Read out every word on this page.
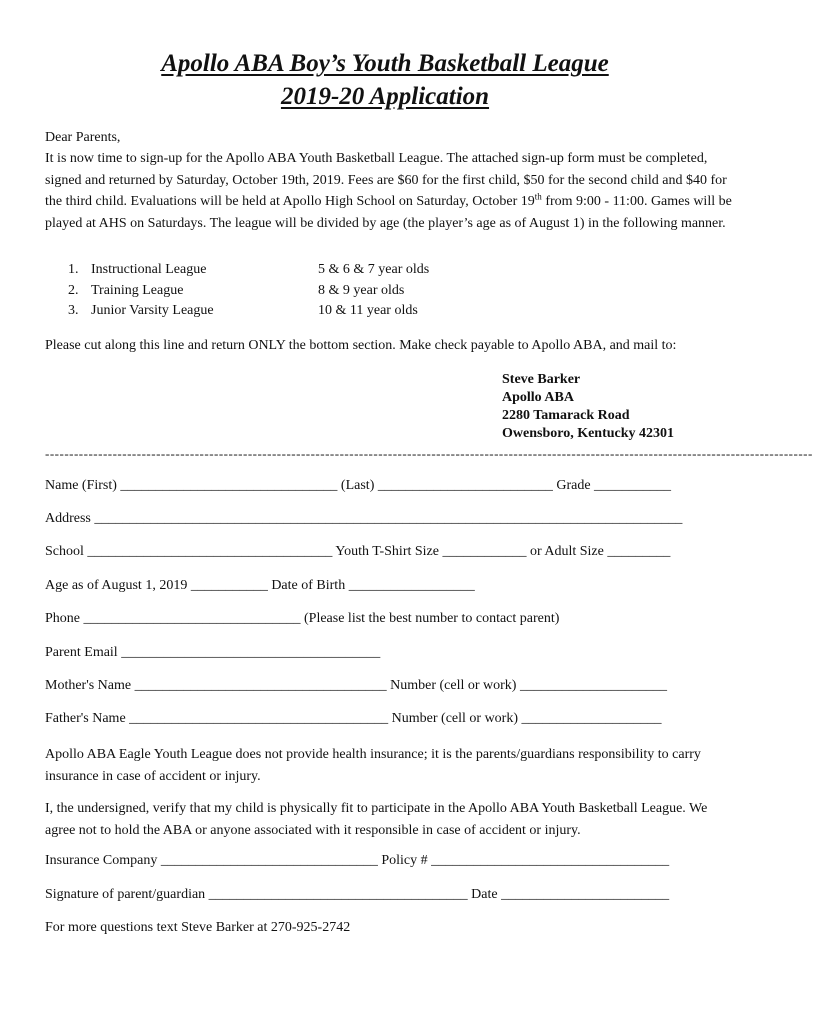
Apollo ABA Boy’s Youth Basketball League
2019-20 Application
Dear Parents,
It is now time to sign-up for the Apollo ABA Youth Basketball League. The attached sign-up form must be completed, signed and returned by Saturday, October 19th, 2019. Fees are $60 for the first child, $50 for the second child and $40 for the third child. Evaluations will be held at Apollo High School on Saturday, October 19th from 9:00 - 11:00. Games will be played at AHS on Saturdays. The league will be divided by age (the player’s age as of August 1) in the following manner.
1. Instructional League	5 & 6 & 7 year olds
2. Training League	8 & 9 year olds
3. Junior Varsity League	10 & 11 year olds
Please cut along this line and return ONLY the bottom section. Make check payable to Apollo ABA, and mail to:
Steve Barker
Apollo ABA
2280 Tamarack Road
Owensboro, Kentucky 42301
---------------------------------------------------------------------------------------------------------------------------------------------------------------
Name (First) _______________________________ (Last) _________________________ Grade ___________
Address ____________________________________________________________________________________
School ___________________________________ Youth T-Shirt Size ____________ or Adult Size _________
Age as of August 1, 2019 ___________ Date of Birth __________________
Phone _______________________________ (Please list the best number to contact parent)
Parent Email _____________________________________
Mother's Name ____________________________________ Number (cell or work) _____________________
Father's Name _____________________________________ Number (cell or work) ____________________
Apollo ABA Eagle Youth League does not provide health insurance; it is the parents/guardians responsibility to carry insurance in case of accident or injury.
I, the undersigned, verify that my child is physically fit to participate in the Apollo ABA Youth Basketball League. We agree not to hold the ABA or anyone associated with it responsible in case of accident or injury.
Insurance Company _______________________________ Policy # __________________________________
Signature of parent/guardian _____________________________________ Date ________________________
For more questions text Steve Barker at 270-925-2742
